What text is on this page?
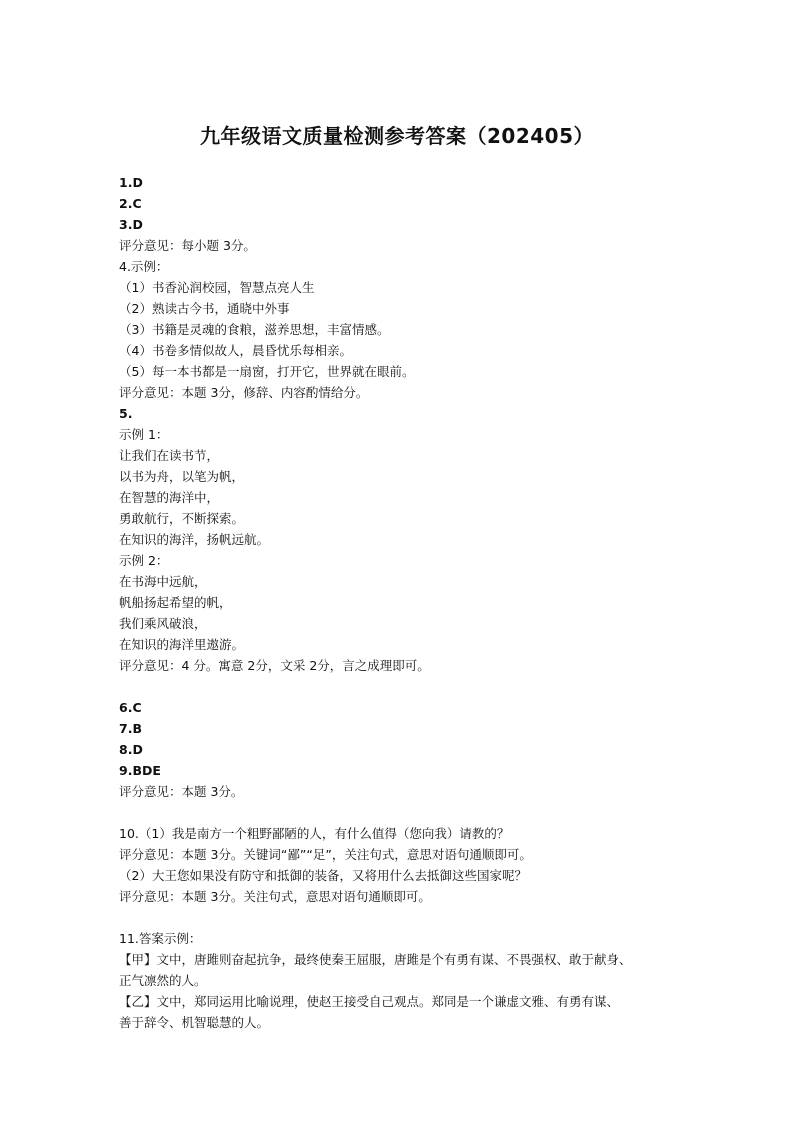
九年级语文质量检测参考答案（202405）
1.D
2.C
3.D
评分意见：每小题 3分。
4.示例：
（1）书香沁润校园，智慧点亮人生
（2）熟读古今书，通晓中外事
（3）书籍是灵魂的食粮，滋养思想，丰富情感。
（4）书卷多情似故人，晨昏忧乐每相亲。
（5）每一本书都是一扇窗，打开它，世界就在眼前。
评分意见：本题 3分，修辞、内容酌情给分。
5.
示例 1：
让我们在读书节，
以书为舟，以笔为帆，
在智慧的海洋中，
勇敢航行，不断探索。
在知识的海洋，扬帆远航。
示例 2：
在书海中远航，
帆船扬起希望的帆，
我们乘风破浪，
在知识的海洋里遨游。
评分意见：4 分。寓意 2分，文采 2分，言之成理即可。
6.C
7.B
8.D
9.BDE
评分意见：本题 3分。
10.（1）我是南方一个粗野鄙陋的人，有什么值得（您向我）请教的？
评分意见：本题 3分。关键词“鄙”“足”，关注句式，意思对语句通顺即可。
（2）大王您如果没有防守和抵御的装备，又将用什么去抵御这些国家呢？
评分意见：本题 3分。关注句式，意思对语句通顺即可。
11.答案示例：
【甲】文中，唐雎则奋起抗争，最终使秦王屈服，唐雎是个有勇有谋、不畏强权、敢于献身、
正气凛然的人。
【乙】文中，郑同运用比喻说理，使赵王接受自己观点。郑同是一个谦虚文雅、有勇有谋、
善于辞令、机智聪慧的人。
